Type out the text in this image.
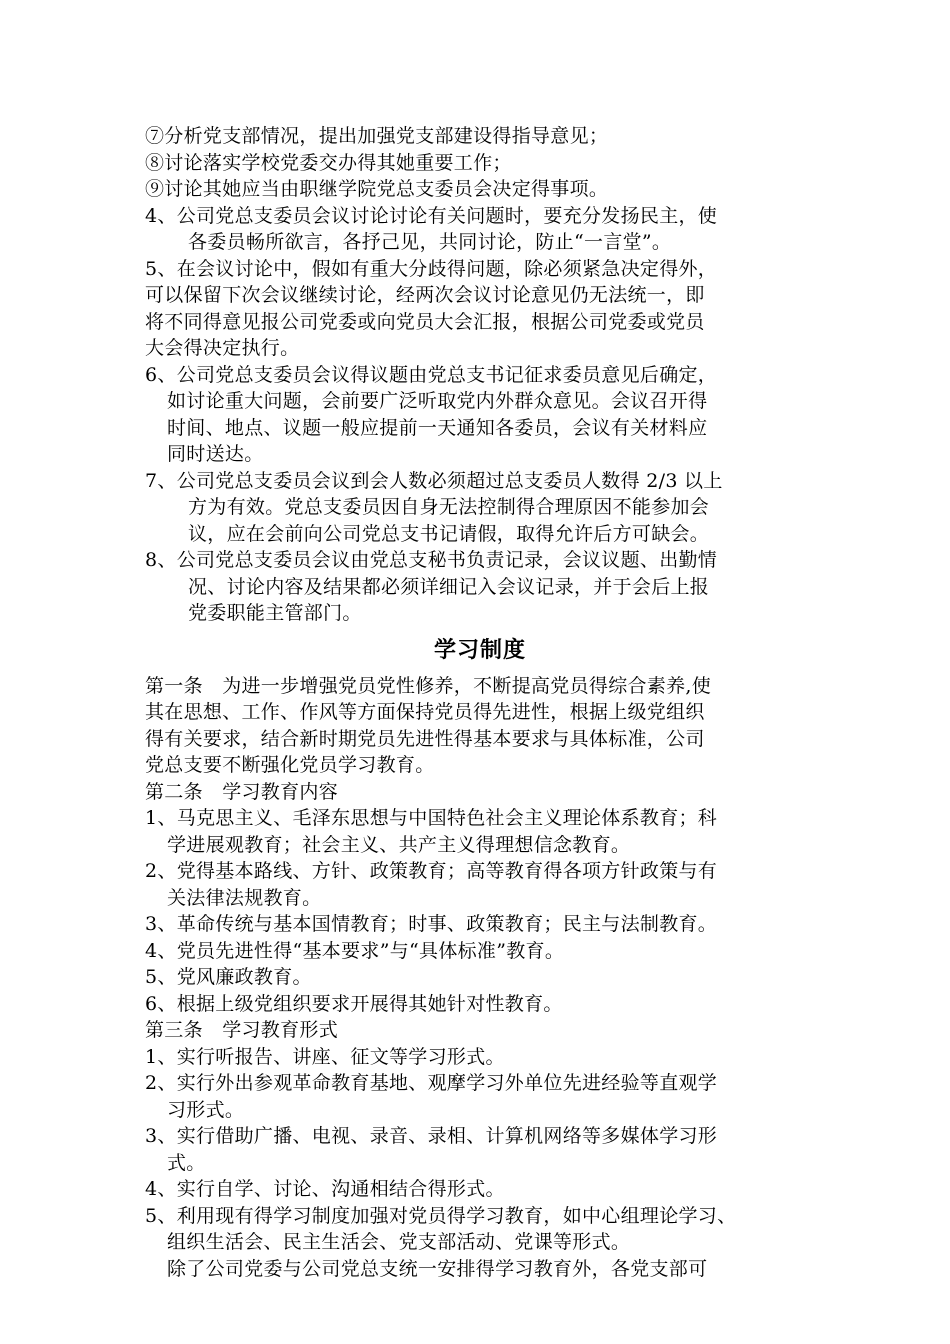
⑦分析党支部情况，提出加强党支部建设得指导意见；
⑧讨论落实学校党委交办得其她重要工作；
⑨讨论其她应当由职继学院党总支委员会决定得事项。
4、公司党总支委员会议讨论讨论有关问题时，要充分发扬民主，使
各委员畅所欲言，各抒己见，共同讨论，防止“一言堂”。
5、在会议讨论中，假如有重大分歧得问题，除必须紧急决定得外，
可以保留下次会议继续讨论，经两次会议讨论意见仍无法统一，即
将不同得意见报公司党委或向党员大会汇报，根据公司党委或党员
大会得决定执行。
6、公司党总支委员会议得议题由党总支书记征求委员意见后确定，
如讨论重大问题，会前要广泛听取党内外群众意见。会议召开得
时间、地点、议题一般应提前一天通知各委员，会议有关材料应
同时送达。
7、公司党总支委员会议到会人数必须超过总支委员人数得 2/3 以上
方为有效。党总支委员因自身无法控制得合理原因不能参加会
议，应在会前向公司党总支书记请假，取得允许后方可缺会。
8、公司党总支委员会议由党总支秘书负责记录，会议议题、出勤情
况、讨论内容及结果都必须详细记入会议记录，并于会后上报
党委职能主管部门。
学习制度
第一条　为进一步增强党员党性修养，不断提高党员得综合素养,使
其在思想、工作、作风等方面保持党员得先进性，根据上级党组织
得有关要求，结合新时期党员先进性得基本要求与具体标准，公司
党总支要不断强化党员学习教育。
第二条　学习教育内容
1、马克思主义、毛泽东思想与中国特色社会主义理论体系教育；科
学进展观教育；社会主义、共产主义得理想信念教育。
2、党得基本路线、方针、政策教育；高等教育得各项方针政策与有
关法律法规教育。
3、革命传统与基本国情教育；时事、政策教育；民主与法制教育。
4、党员先进性得“基本要求”与“具体标准”教育。
5、党风廉政教育。
6、根据上级党组织要求开展得其她针对性教育。
第三条　学习教育形式
1、实行听报告、讲座、征文等学习形式。
2、实行外出参观革命教育基地、观摩学习外单位先进经验等直观学
习形式。
3、实行借助广播、电视、录音、录相、计算机网络等多媒体学习形
式。
4、实行自学、讨论、沟通相结合得形式。
5、利用现有得学习制度加强对党员得学习教育，如中心组理论学习、
组织生活会、民主生活会、党支部活动、党课等形式。
除了公司党委与公司党总支统一安排得学习教育外，各党支部可
